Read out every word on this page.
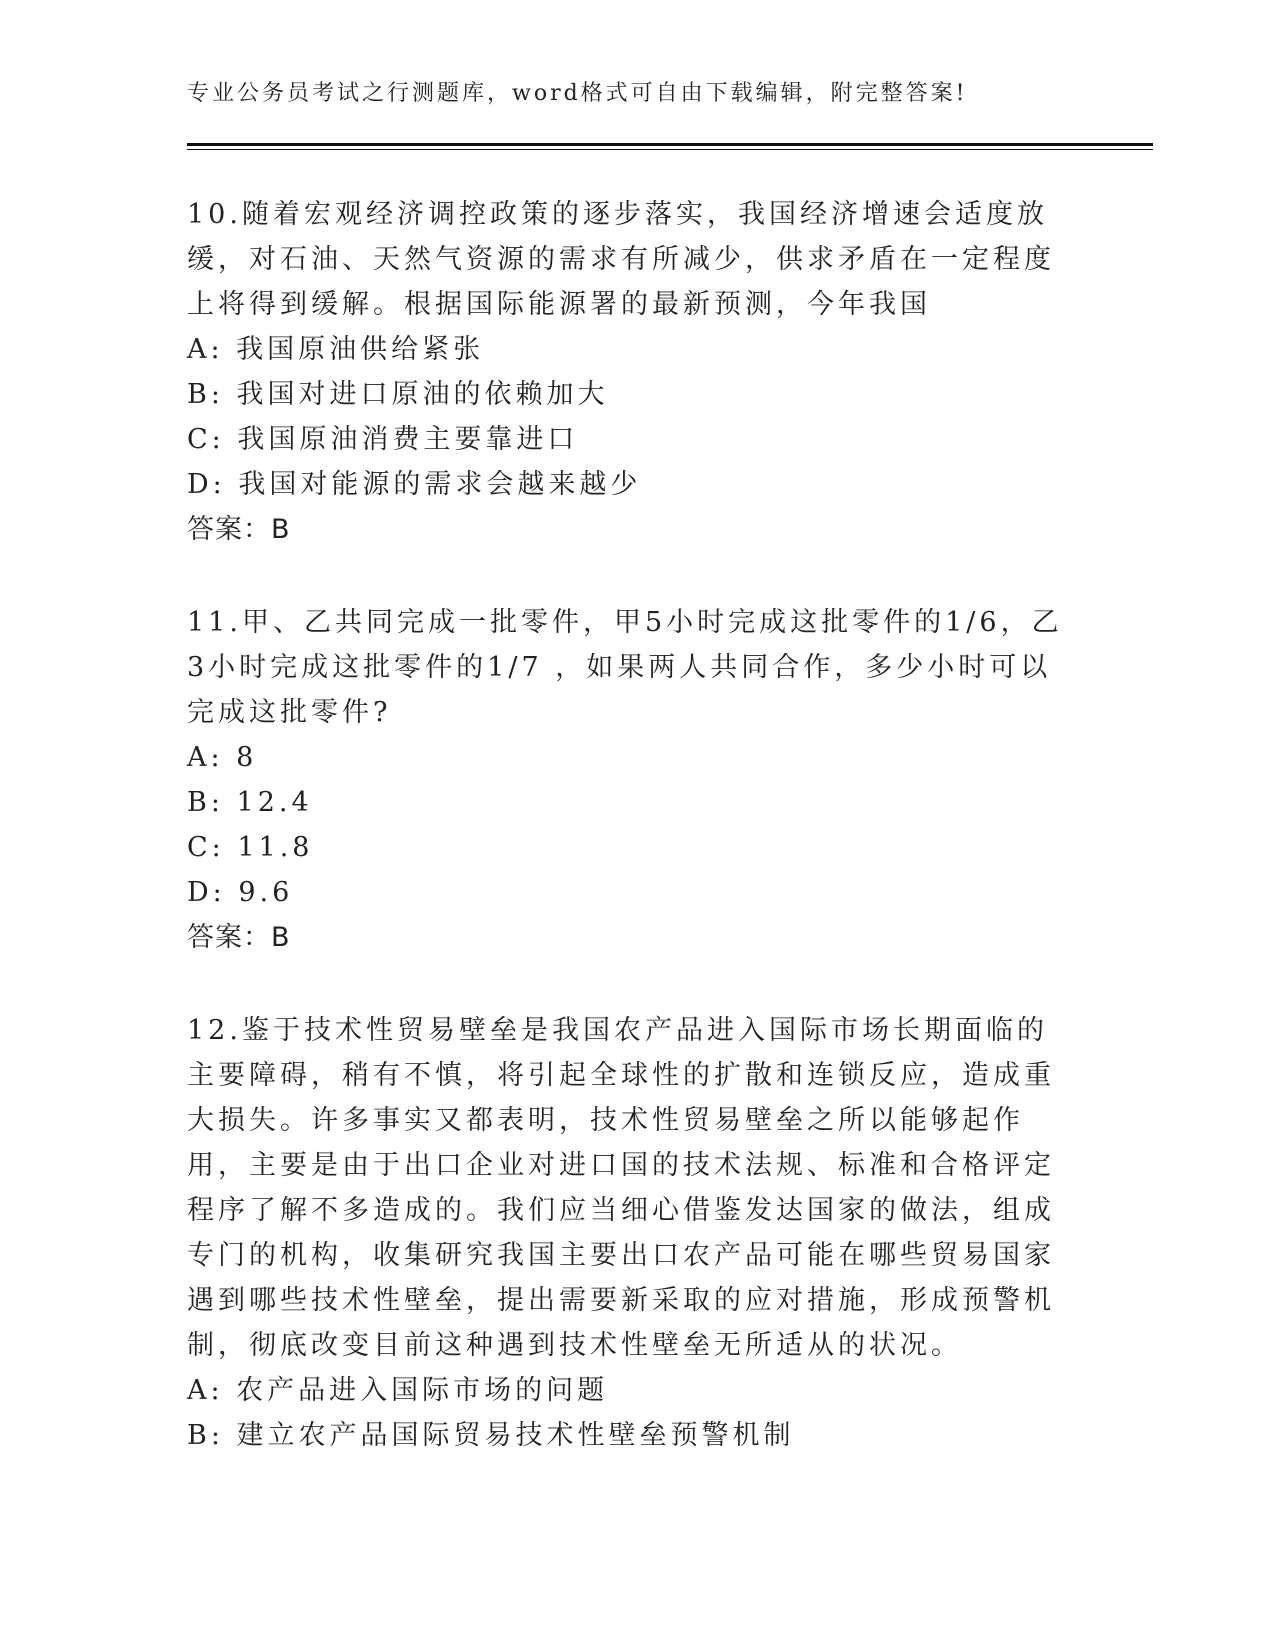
专业公务员考试之行测题库，word格式可自由下载编辑，附完整答案!

10.随着宏观经济调控政策的逐步落实，我国经济增速会适度放缓，对石油、天然气资源的需求有所减少，供求矛盾在一定程度上将得到缓解。根据国际能源署的最新预测，今年我国

A: 我国原油供给紧张

B: 我国对进口原油的依赖加大

C: 我国原油消费主要靠进口

D: 我国对能源的需求会越来越少

答案：B

11.甲、乙共同完成一批零件，甲5小时完成这批零件的1/6，乙3小时完成这批零件的1/7 ，如果两人共同合作，多少小时可以完成这批零件?

A: 8

B: 12.4

C: 11.8

D: 9.6

答案：B

12.鉴于技术性贸易壁垒是我国农产品进入国际市场长期面临的主要障碍，稍有不慎，将引起全球性的扩散和连锁反应，造成重大损失。许多事实又都表明，技术性贸易壁垒之所以能够起作用，主要是由于出口企业对进口国的技术法规、标准和合格评定程序了解不多造成的。我们应当细心借鉴发达国家的做法，组成专门的机构，收集研究我国主要出口农产品可能在哪些贸易国家遇到哪些技术性壁垒，提出需要新采取的应对措施，形成预警机制，彻底改变目前这种遇到技术性壁垒无所适从的状况。

A: 农产品进入国际市场的问题

B: 建立农产品国际贸易技术性壁垒预警机制
